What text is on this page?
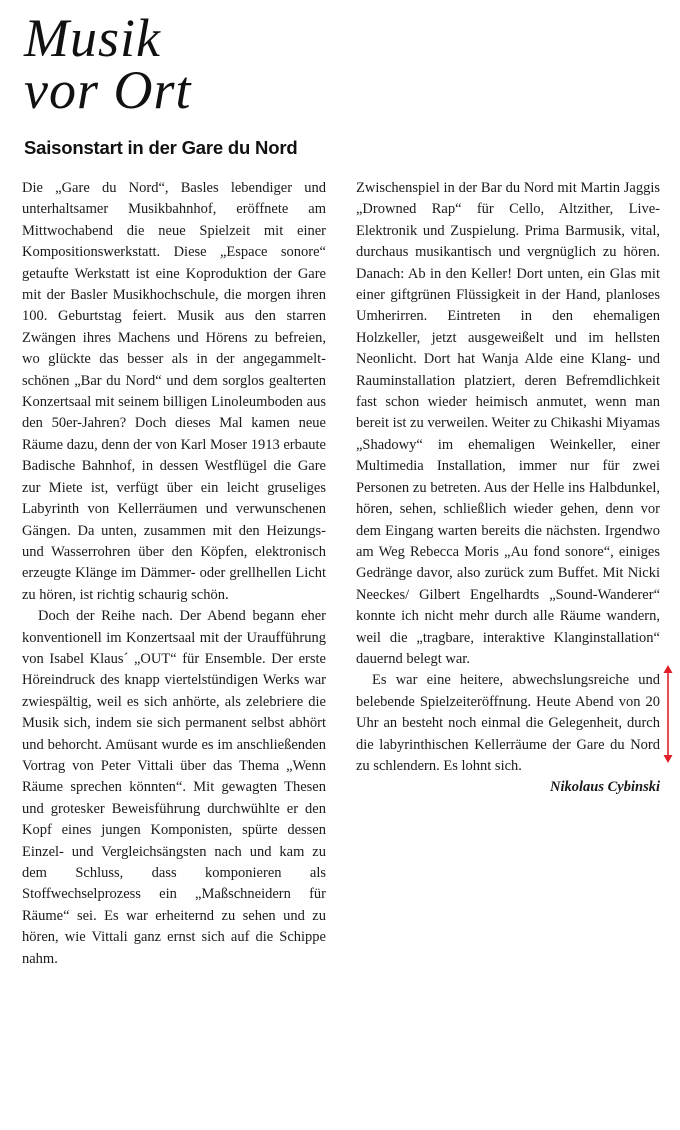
Musik
vor Ort
Saisonstart in der Gare du Nord

Die „Gare du Nord“, Basles lebendiger und unterhaltsamer Musikbahnhof, eröffnete am Mittwochabend die neue Spielzeit mit einer Kompositionswerkstatt. Diese „Espace sonore“ getaufte Werkstatt ist eine Koproduktion der Gare mit der Basler Musikhochschule, die morgen ihren 100. Geburtstag feiert. Musik aus den starren Zwängen ihres Machens und Hörens zu befreien, wo glückte das besser als in der angegammelt-schönen „Bar du Nord“ und dem sorglos gealterten Konzertsaal mit seinem billigen Linoleumboden aus den 50er-Jahren? Doch dieses Mal kamen neue Räume dazu, denn der von Karl Moser 1913 erbaute Badische Bahnhof, in dessen Westflügel die Gare zur Miete ist, verfügt über ein leicht gruseliges Labyrinth von Kellerräumen und verwunschenen Gängen. Da unten, zusammen mit den Heizungs- und Wasserrohren über den Köpfen, elektronisch erzeugte Klänge im Dämmer- oder grellhellen Licht zu hören, ist richtig schaurig schön.

Doch der Reihe nach. Der Abend begann eher konventionell im Konzertsaal mit der Uraufführung von Isabel Klaus´ „OUT“ für Ensemble. Der erste Höreindruck des knapp viertelstündigen Werks war zwiespältig, weil es sich anhörte, als zelebriere die Musik sich, indem sie sich permanent selbst abhört und behorcht. Amüsant wurde es im anschließenden Vortrag von Peter Vittali über das Thema „Wenn Räume sprechen könnten“. Mit gewagten Thesen und grotesker Beweisführung durchwühlte er den Kopf eines jungen Komponisten, spürte dessen Einzel- und Vergleichsängsten nach und kam zu dem Schluss, dass komponieren als Stoffwechselprozess ein „Maßschneidern für Räume“ sei. Es war erheiternd zu sehen und zu hören, wie Vittali ganz ernst sich auf die Schippe nahm.

Zwischenspiel in der Bar du Nord mit Martin Jaggis „Drowned Rap“ für Cello, Altzither, Live-Elektronik und Zuspielung. Prima Barmusik, vital, durchaus musikantisch und vergnüglich zu hören. Danach: Ab in den Keller! Dort unten, ein Glas mit einer giftgrünen Flüssigkeit in der Hand, planloses Umherirren. Eintreten in den ehemaligen Holzkeller, jetzt ausgeweißelt und im hellsten Neonlicht. Dort hat Wanja Alde eine Klang- und Rauminstallation platziert, deren Befremdlichkeit fast schon wieder heimisch anmutet, wenn man bereit ist zu verweilen. Weiter zu Chikashi Miyamas „Shadowy“ im ehemaligen Weinkeller, einer Multimedia Installation, immer nur für zwei Personen zu betreten. Aus der Helle ins Halbdunkel, hören, sehen, schließlich wieder gehen, denn vor dem Eingang warten bereits die nächsten. Irgendwo am Weg Rebecca Moris „Au fond sonore“, einiges Gedränge davor, also zurück zum Buffet. Mit Nicki Neeckes/ Gilbert Engelhardts „Sound-Wanderer“ konnte ich nicht mehr durch alle Räume wandern, weil die „tragbare, interaktive Klanginstallation“ dauernd belegt war.

Es war eine heitere, abwechslungsreiche und belebende Spielzeiteröffnung. Heute Abend von 20 Uhr an besteht noch einmal die Gelegenheit, durch die labyrinthischen Kellerräume der Gare du Nord zu schlendern. Es lohnt sich.

Nikolaus Cybinski
